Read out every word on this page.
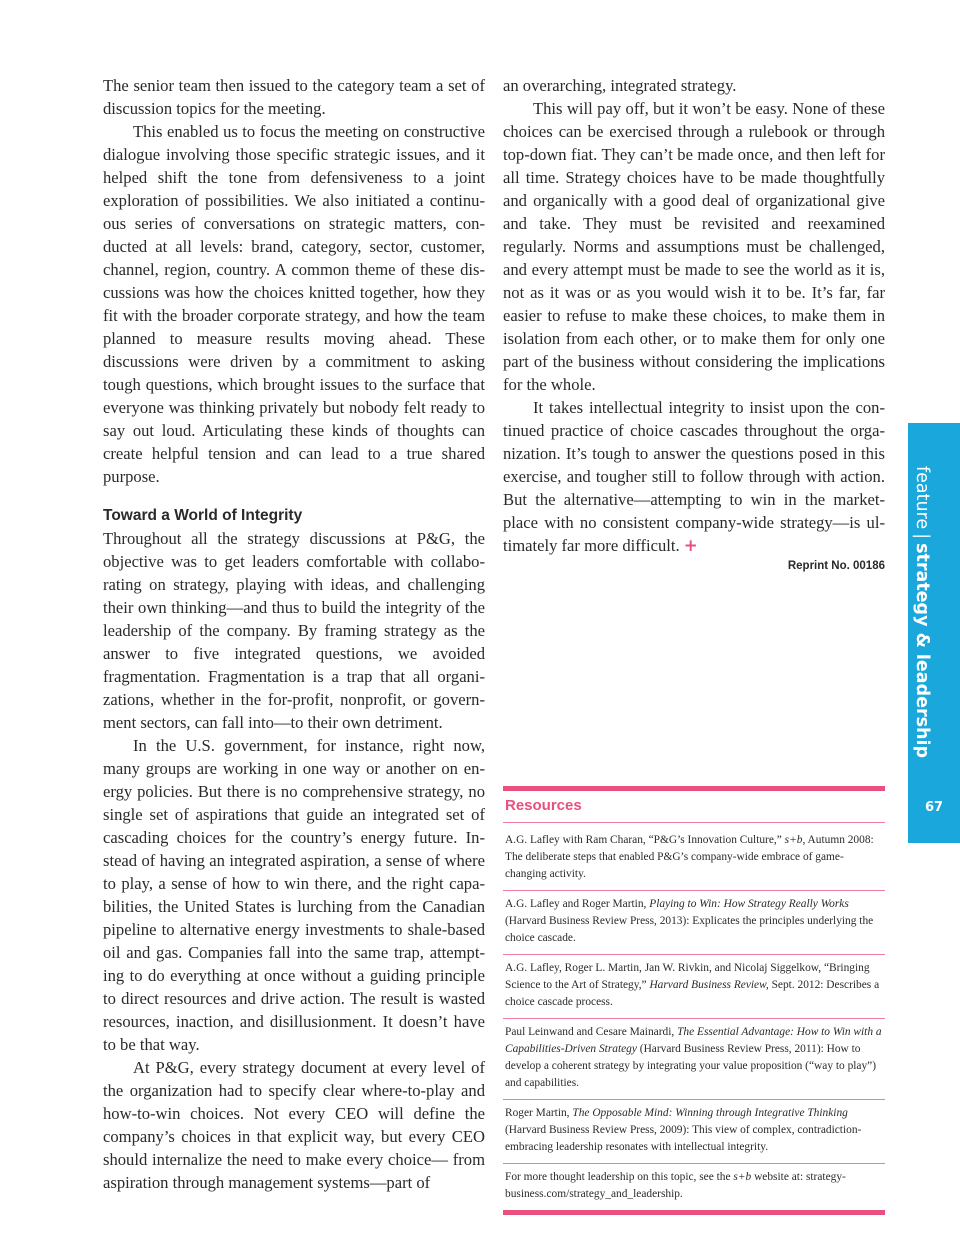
The senior team then issued to the category team a set of discussion topics for the meeting.

This enabled us to focus the meeting on constructive dialogue involving those specific strategic issues, and it helped shift the tone from defensiveness to a joint exploration of possibilities. We also initiated a continuous series of conversations on strategic matters, conducted at all levels: brand, category, sector, customer, channel, region, country. A common theme of these discussions was how the choices knitted together, how they fit with the broader corporate strategy, and how the team planned to measure results moving ahead. These discussions were driven by a commitment to asking tough questions, which brought issues to the surface that everyone was thinking privately but nobody felt ready to say out loud. Articulating these kinds of thoughts can create helpful tension and can lead to a true shared purpose.

Toward a World of Integrity

Throughout all the strategy discussions at P&G, the objective was to get leaders comfortable with collaborating on strategy, playing with ideas, and challenging their own thinking—and thus to build the integrity of the leadership of the company. By framing strategy as the answer to five integrated questions, we avoided fragmentation. Fragmentation is a trap that all organizations, whether in the for-profit, nonprofit, or government sectors, can fall into—to their own detriment.

In the U.S. government, for instance, right now, many groups are working in one way or another on energy policies. But there is no comprehensive strategy, no single set of aspirations that guide an integrated set of cascading choices for the country’s energy future. Instead of having an integrated aspiration, a sense of where to play, a sense of how to win there, and the right capabilities, the United States is lurching from the Canadian pipeline to alternative energy investments to shale-based oil and gas. Companies fall into the same trap, attempting to do everything at once without a guiding principle to direct resources and drive action. The result is wasted resources, inaction, and disillusionment. It doesn’t have to be that way.

At P&G, every strategy document at every level of the organization had to specify clear where-to-play and how-to-win choices. Not every CEO will define the company’s choices in that explicit way, but every CEO should internalize the need to make every choice— from aspiration through management systems—part of

an overarching, integrated strategy.

This will pay off, but it won’t be easy. None of these choices can be exercised through a rulebook or through top-down fiat. They can’t be made once, and then left for all time. Strategy choices have to be made thoughtfully and organically with a good deal of organizational give and take. They must be revisited and reexamined regularly. Norms and assumptions must be challenged, and every attempt must be made to see the world as it is, not as it was or as you would wish it to be. It’s far, far easier to refuse to make these choices, to make them in isolation from each other, or to make them for only one part of the business without considering the implications for the whole.

It takes intellectual integrity to insist upon the continued practice of choice cascades throughout the organization. It’s tough to answer the questions posed in this exercise, and tougher still to follow through with action. But the alternative—attempting to win in the marketplace with no consistent company-wide strategy—is ultimately far more difficult. +

Reprint No. 00186
feature|strategy & leadership
67
Resources
A.G. Lafley with Ram Charan, “P&G’s Innovation Culture,” s+b, Autumn 2008: The deliberate steps that enabled P&G’s company-wide embrace of game-changing activity.
A.G. Lafley and Roger Martin, Playing to Win: How Strategy Really Works (Harvard Business Review Press, 2013): Explicates the principles underlying the choice cascade.
A.G. Lafley, Roger L. Martin, Jan W. Rivkin, and Nicolaj Siggelkow, “Bringing Science to the Art of Strategy,” Harvard Business Review, Sept. 2012: Describes a choice cascade process.
Paul Leinwand and Cesare Mainardi, The Essential Advantage: How to Win with a Capabilities-Driven Strategy (Harvard Business Review Press, 2011): How to develop a coherent strategy by integrating your value proposition (“way to play”) and capabilities.
Roger Martin, The Opposable Mind: Winning through Integrative Thinking (Harvard Business Review Press, 2009): This view of complex, contradiction-embracing leadership resonates with intellectual integrity.
For more thought leadership on this topic, see the s+b website at: strategy-business.com/strategy_and_leadership.
